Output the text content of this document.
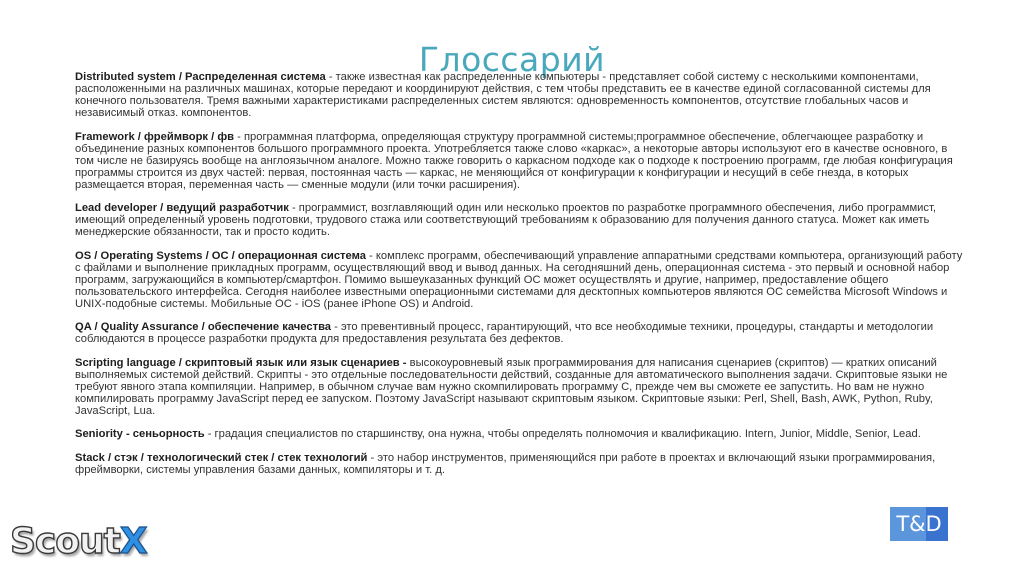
Глоссарий

Distributed system / Распределенная система - также известная как распределенные компьютеры - представляет собой систему с несколькими компонентами, расположенными на различных машинах, которые передают и координируют действия, с тем чтобы представить ее в качестве единой согласованной системы для конечного пользователя. Тремя важными характеристиками распределенных систем являются: одновременность компонентов, отсутствие глобальных часов и независимый отказ. компонентов.

Framework / фреймворк / фв - программная платформа, определяющая структуру программной системы;программное обеспечение, облегчающее разработку и объединение разных компонентов большого программного проекта. Употребляется также слово «каркас», а некоторые авторы используют его в качестве основного, в том числе не базируясь вообще на англоязычном аналоге. Можно также говорить о каркасном подходе как о подходе к построению программ, где любая конфигурация программы строится из двух частей: первая, постоянная часть — каркас, не меняющийся от конфигурации к конфигурации и несущий в себе гнезда, в которых размещается вторая, переменная часть — сменные модули (или точки расширения).

Lead developer / ведущий разработчик - программист, возглавляющий один или несколько проектов по разработке программного обеспечения, либо программист, имеющий определенный уровень подготовки, трудового стажа или соответствующий требованиям к образованию для получения данного статуса. Может как иметь менеджерские обязанности, так и просто кодить.

OS / Operating Systems / ОС / операционная система - комплекс программ, обеспечивающий управление аппаратными средствами компьютера, организующий работу с файлами и выполнение прикладных программ, осуществляющий ввод и вывод данных. На сегодняшний день, операционная система - это первый и основной набор программ, загружающийся в компьютер/смартфон. Помимо вышеуказанных функций ОС может осуществлять и другие, например, предоставление общего пользовательского интерфейса. Сегодня наиболее известными операционными системами для десктопных компьютеров являются ОС семейства Microsoft Windows и UNIX-подобные системы. Мобильные ОС - iOS (ранее iPhone OS) и Android.

QA / Quality Assurance / обеспечение качества - это превентивный процесс, гарантирующий, что все необходимые техники, процедуры, стандарты и методологии соблюдаются в процессе разработки продукта для предоставления результата без дефектов.

Scripting language / скриптовый язык или язык сценариев - высокоуровневый язык программирования для написания сценариев (скриптов) — кратких описаний выполняемых системой действий. Скрипты - это отдельные последовательности действий, созданные для автоматического выполнения задачи. Скриптовые языки не требуют явного этапа компиляции. Например, в обычном случае вам нужно скомпилировать программу C, прежде чем вы сможете ее запустить. Но вам не нужно компилировать программу JavaScript перед ее запуском. Поэтому JavaScript называют скриптовым языком. Скриптовые языки: Perl, Shell, Bash, AWK, Python, Ruby, JavaScript, Lua.

Seniority - сеньорность - градация специалистов по старшинству, она нужна, чтобы определять полномочия и квалификацию. Intern, Junior, Middle, Senior, Lead.

Stack / стэк / технологический стек / стек технологий - это набор инструментов, применяющийся при работе в проектах и включающий языки программирования, фреймворки, системы управления базами данных, компиляторы и т. д.

ScoutX	T&D
